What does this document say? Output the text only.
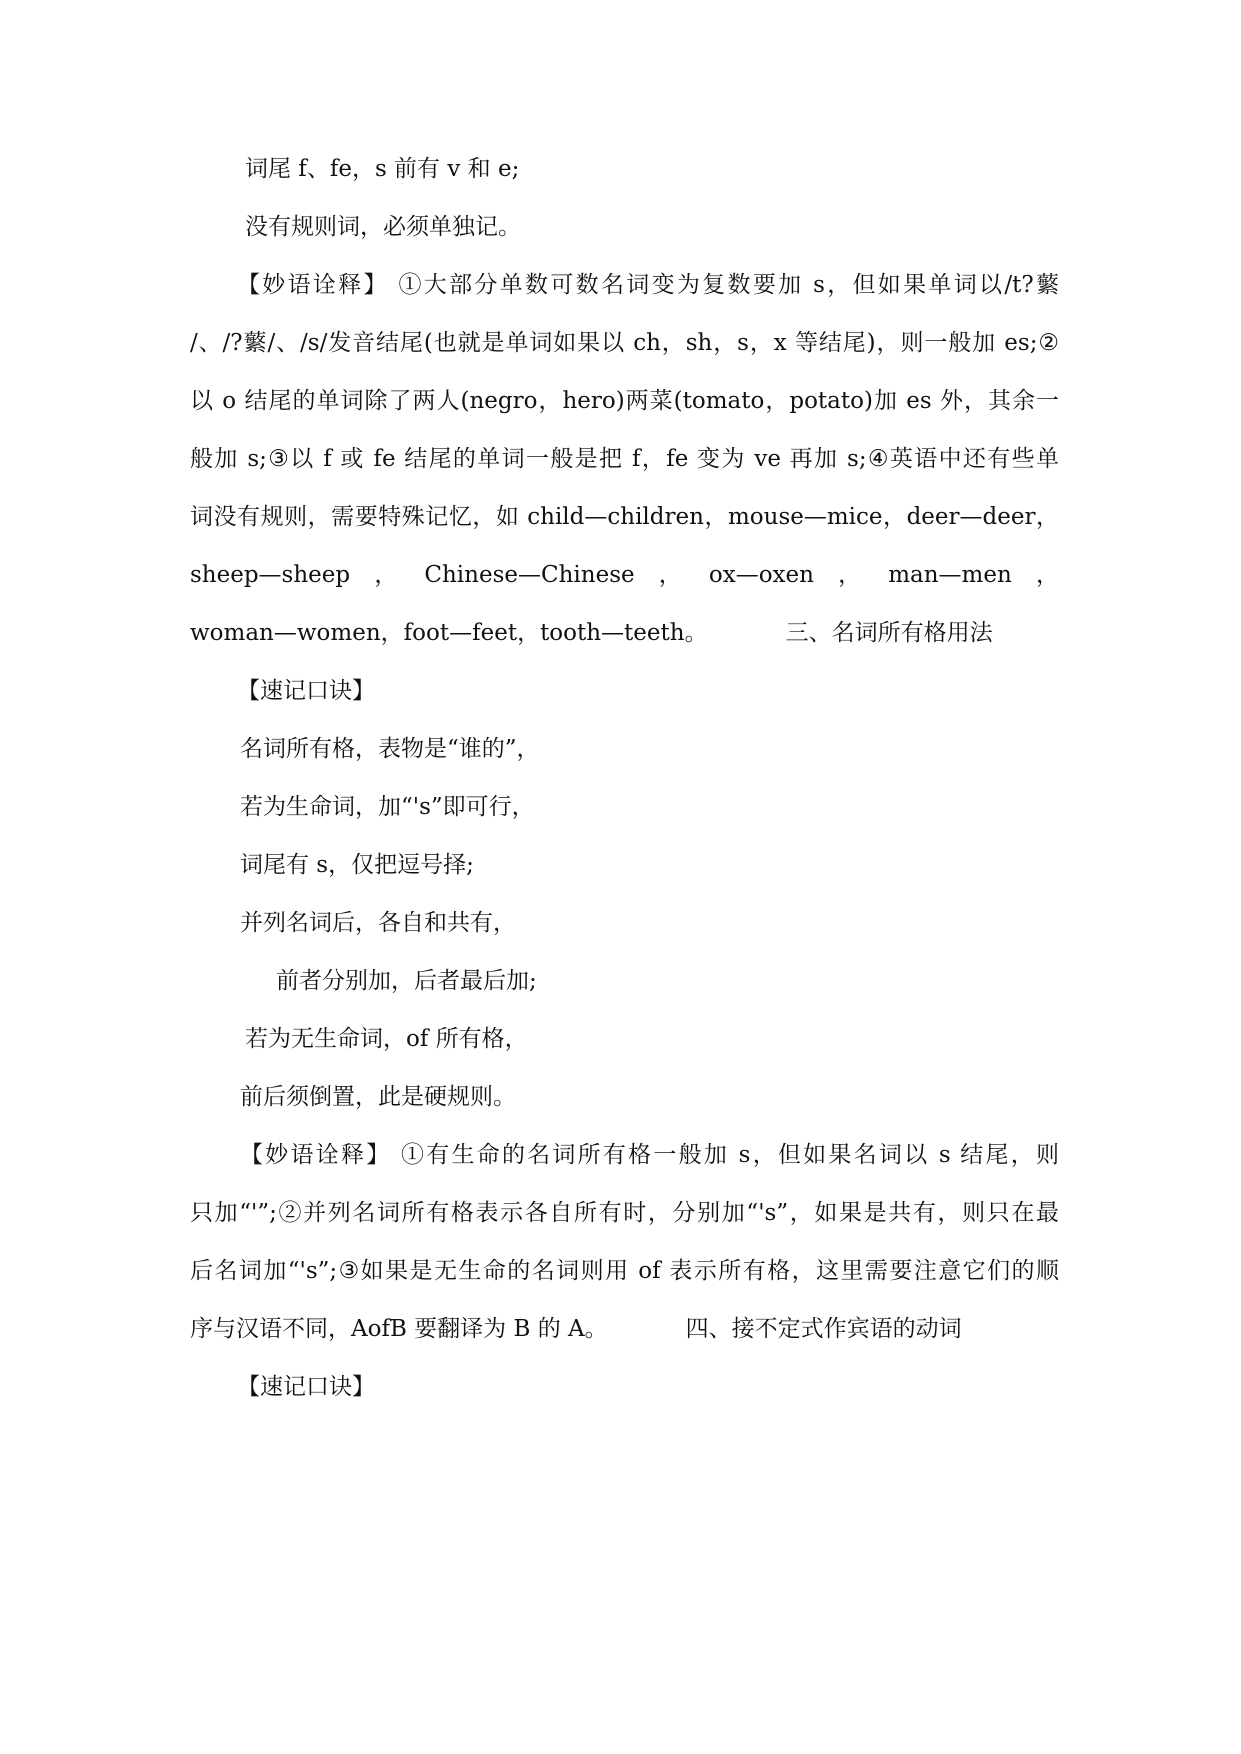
词尾 f、fe，s 前有 v 和 e;

没有规则词，必须单独记。

【妙语诠释】 ①大部分单数可数名词变为复数要加 s，但如果单词以/t?蘩

/、/?蘩/、/s/发音结尾(也就是单词如果以 ch，sh，s，x 等结尾)，则一般加 es;②

以 o 结尾的单词除了两人(negro，hero)两菜(tomato，potato)加 es 外，其余一

般加 s;③以 f 或 fe 结尾的单词一般是把 f，fe 变为 ve 再加 s;④英语中还有些单

词没有规则，需要特殊记忆，如 child—children，mouse—mice，deer—deer，

sheep—sheep ， Chinese—Chinese ， ox—oxen ， man—men ，

woman—women，foot—feet，tooth—teeth。	三、名词所有格用法

【速记口诀】

名词所有格，表物是“谁的”，

若为生命词，加“'s”即可行，

词尾有 s，仅把逗号择;

并列名词后，各自和共有，

前者分别加，后者最后加;

若为无生命词，of 所有格，

前后须倒置，此是硬规则。

【妙语诠释】 ①有生命的名词所有格一般加 s，但如果名词以 s 结尾，则

只加“'”;②并列名词所有格表示各自所有时，分别加“'s”，如果是共有，则只在最

后名词加“'s”;③如果是无生命的名词则用 of 表示所有格，这里需要注意它们的顺

序与汉语不同，AofB 要翻译为 B 的 A。	四、接不定式作宾语的动词

【速记口诀】
